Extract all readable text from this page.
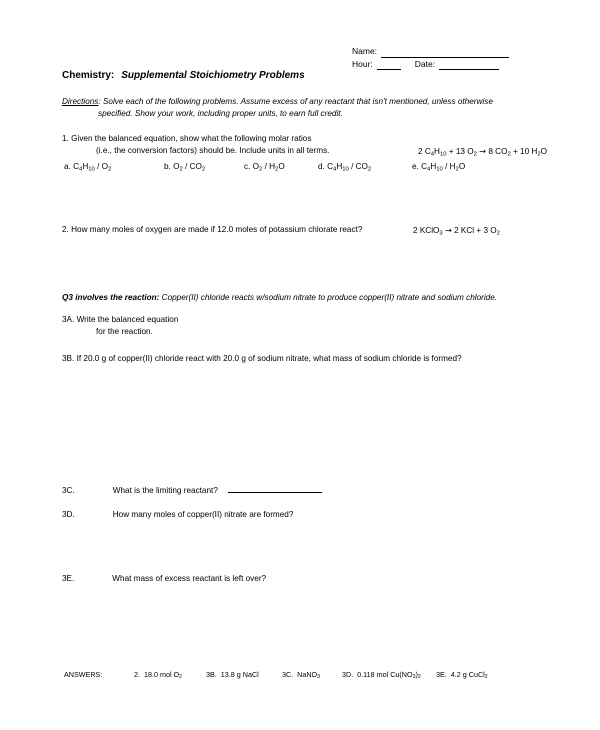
Name:
Hour:	Date:
Chemistry: Supplemental Stoichiometry Problems
Directions: Solve each of the following problems. Assume excess of any reactant that isn't mentioned, unless otherwise
specified. Show your work, including proper units, to earn full credit.
1. Given the balanced equation, show what the following molar ratios
(i.e., the conversion factors) should be. Include units in all terms.	2 $C_4H_{10} + 13$ $O_2 \to 8$ $CO_2 + 10$ $H_2O$
a. $C_4H_{10} / O_2$	b. $O_2 / CO_2$	c. $O_2 / H_2O$	d. $C_4H_{10} / CO_2$	e. $C_4H_{10} / H_2O$
2. How many moles of oxygen are made if 12.0 moles of potassium chlorate react?	2 KClO$_3$ → 2 KCl + 3 $O_2$
Q3 involves the reaction: Copper(II) chloride reacts w/sodium nitrate to produce copper(II) nitrate and sodium chloride.
3A. Write the balanced equation
for the reaction.
3B. If 20.0 g of copper(II) chloride react with 20.0 g of sodium nitrate, what mass of sodium chloride is formed?
3C.	What is the limiting reactant?
3D.	How many moles of copper(II) nitrate are formed?
3E.	What mass of excess reactant is left over?
ANSWERS:	2.  18.0 mol $O_2$	3B.  13.8 g NaCl	3C.  NaNO$_3$	3D.  0.118 mol $Cu(NO_3)_2$ 3E.  4.2 g CuCl$_2$
